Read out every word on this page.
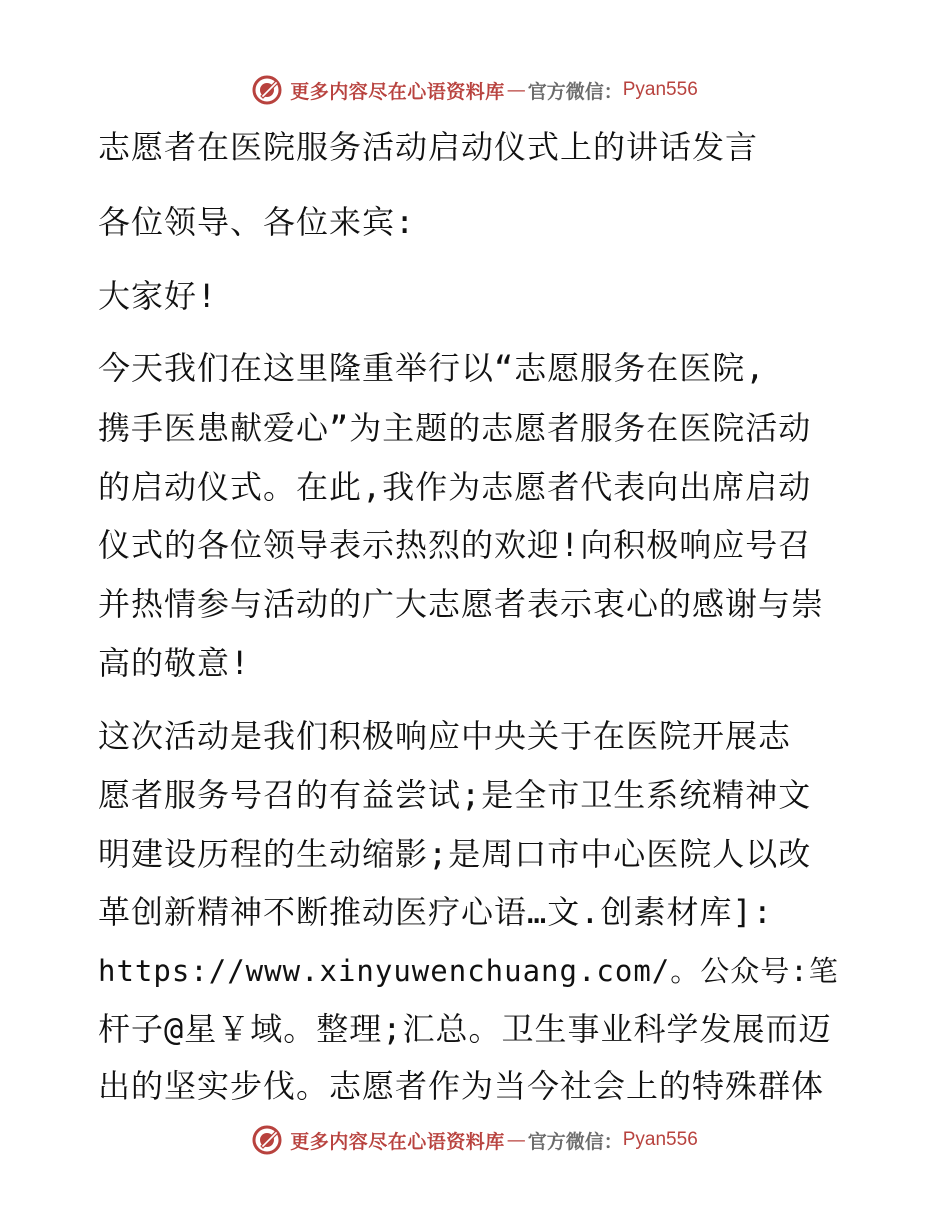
更多内容尽在心语资料库 — 官方微信： Pyan556
志愿者在医院服务活动启动仪式上的讲话发言
各位领导、各位来宾:
大家好!
今天我们在这里隆重举行以“志愿服务在医院,
携手医患献爱心”为主题的志愿者服务在医院活动
的启动仪式。在此,我作为志愿者代表向出席启动
仪式的各位领导表示热烈的欢迎!向积极响应号召
并热情参与活动的广大志愿者表示衷心的感谢与崇
高的敬意!
这次活动是我们积极响应中央关于在医院开展志
愿者服务号召的有益尝试;是全市卫生系统精神文
明建设历程的生动缩影;是周口市中心医院人以改
革创新精神不断推动医疗心语…文.创素材库]:
https://www.xinyuwenchuang.com/。公众号:笔
杆子@星￥域。整理;汇总。卫生事业科学发展而迈
出的坚实步伐。志愿者作为当今社会上的特殊群体
更多内容尽在心语资料库 — 官方微信： Pyan556
